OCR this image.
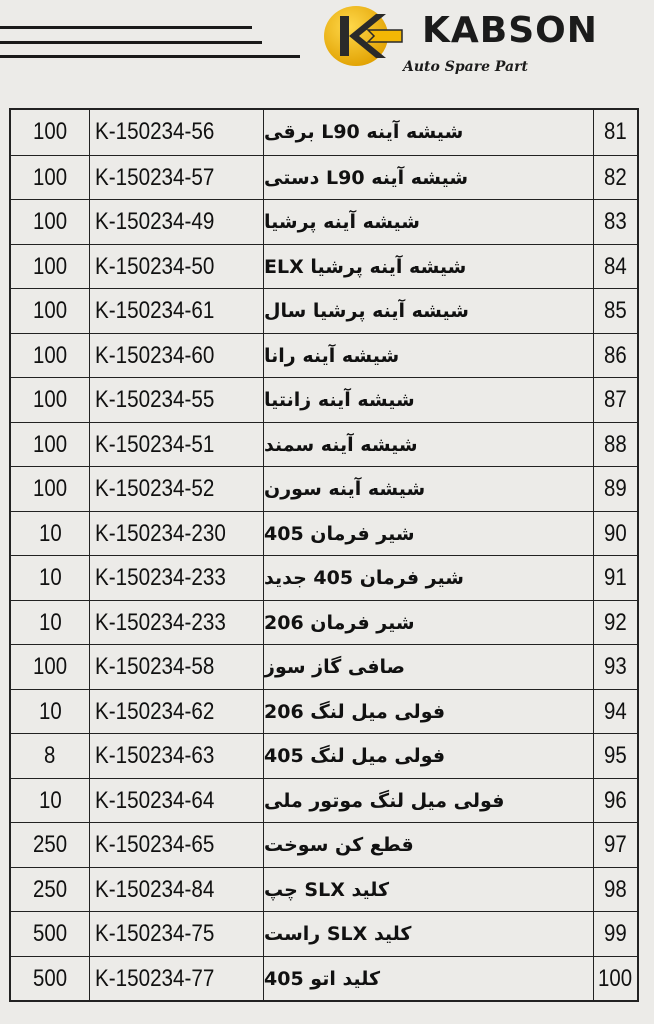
KABSON
Auto Spare Part
100 K-150234-56	شیشه آینه L90 برقی	81
100 K-150234-57	شیشه آینه L90 دستی	82
100 K-150234-49	شیشه آینه پرشیا	83
100 K-150234-50	شیشه آینه پرشیا ELX	84
100 K-150234-61	شیشه آینه پرشیا سال	85
100 K-150234-60	شیشه آینه رانا	86
100 K-150234-55	شیشه آینه زانتیا	87
100 K-150234-51	شیشه آینه سمند	88
100 K-150234-52	شیشه آینه سورن	89
10 K-150234-230 شیر فرمان 405	90
10 K-150234-233 شیر فرمان 405 جدید	91
10 K-150234-233 شیر فرمان 206	92
100 K-150234-58	صافی گاز سوز	93
10 K-150234-62	فولی میل لنگ 206	94
8 K-150234-63	فولی میل لنگ 405	95
10 K-150234-64	فولی میل لنگ موتور ملی	96
250 K-150234-65	قطع کن سوخت	97
250 K-150234-84	کلید SLX چپ	98
500 K-150234-75	کلید SLX راست	99
500 K-150234-77	کلید اتو 405	100
